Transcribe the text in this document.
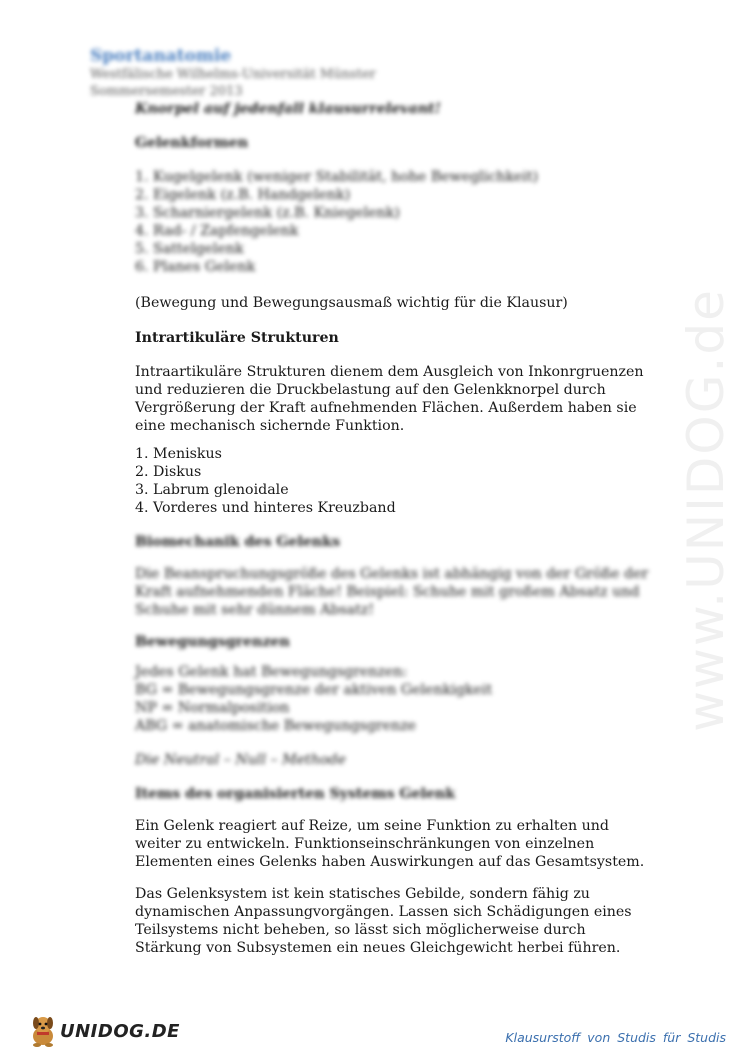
www.UNIDOG.de
Sportanatomie
Westfälische Wilhelms-Universität Münster
Sommersemester 2013

Knorpel auf jedenfall klausurrelevant!

Gelenkformen

1. Kugelgelenk (weniger Stabilität, hohe Beweglichkeit)
2. Eigelenk (z.B. Handgelenk)
3. Scharniergelenk (z.B. Kniegelenk)
4. Rad- / Zapfengelenk
5. Sattelgelenk
6. Planes Gelenk

(Bewegung und Bewegungsausmaß wichtig für die Klausur)

Intrartikuläre Strukturen

Intraartikuläre Strukturen dienem dem Ausgleich von Inkonrgruenzen und reduzieren die Druckbelastung auf den Gelenkknorpel durch Vergrößerung der Kraft aufnehmenden Flächen. Außerdem haben sie eine mechanisch sichernde Funktion.

1. Meniskus
2. Diskus
3. Labrum glenoidale
4. Vorderes und hinteres Kreuzband

Biomechanik des Gelenks

Die Beanspruchungsgröße des Gelenks ist abhängig von der Größe der Kraft aufnehmenden Fläche! Beispiel: Schuhe mit großem Absatz und Schuhe mit sehr dünnem Absatz!

Bewegungsgrenzen

Jedes Gelenk hat Bewegungsgrenzen:
BG = Bewegungsgrenze der aktiven Gelenkigkeit
NP = Normalposition
ABG = anatomische Bewegungsgrenze

Die Neutral – Null – Methode

Items des organisierten Systems Gelenk

Ein Gelenk reagiert auf Reize, um seine Funktion zu erhalten und weiter zu entwickeln. Funktionseinschränkungen von einzelnen Elementen eines Gelenks haben Auswirkungen auf das Gesamtsystem.

Das Gelenksystem ist kein statisches Gebilde, sondern fähig zu dynamischen Anpassungvorgängen. Lassen sich Schädigungen eines Teilsystems nicht beheben, so lässt sich möglicherweise durch Stärkung von Subsystemen ein neues Gleichgewicht herbei führen.

UNIDOG.DE	Klausurstoff von Studis für Studis
